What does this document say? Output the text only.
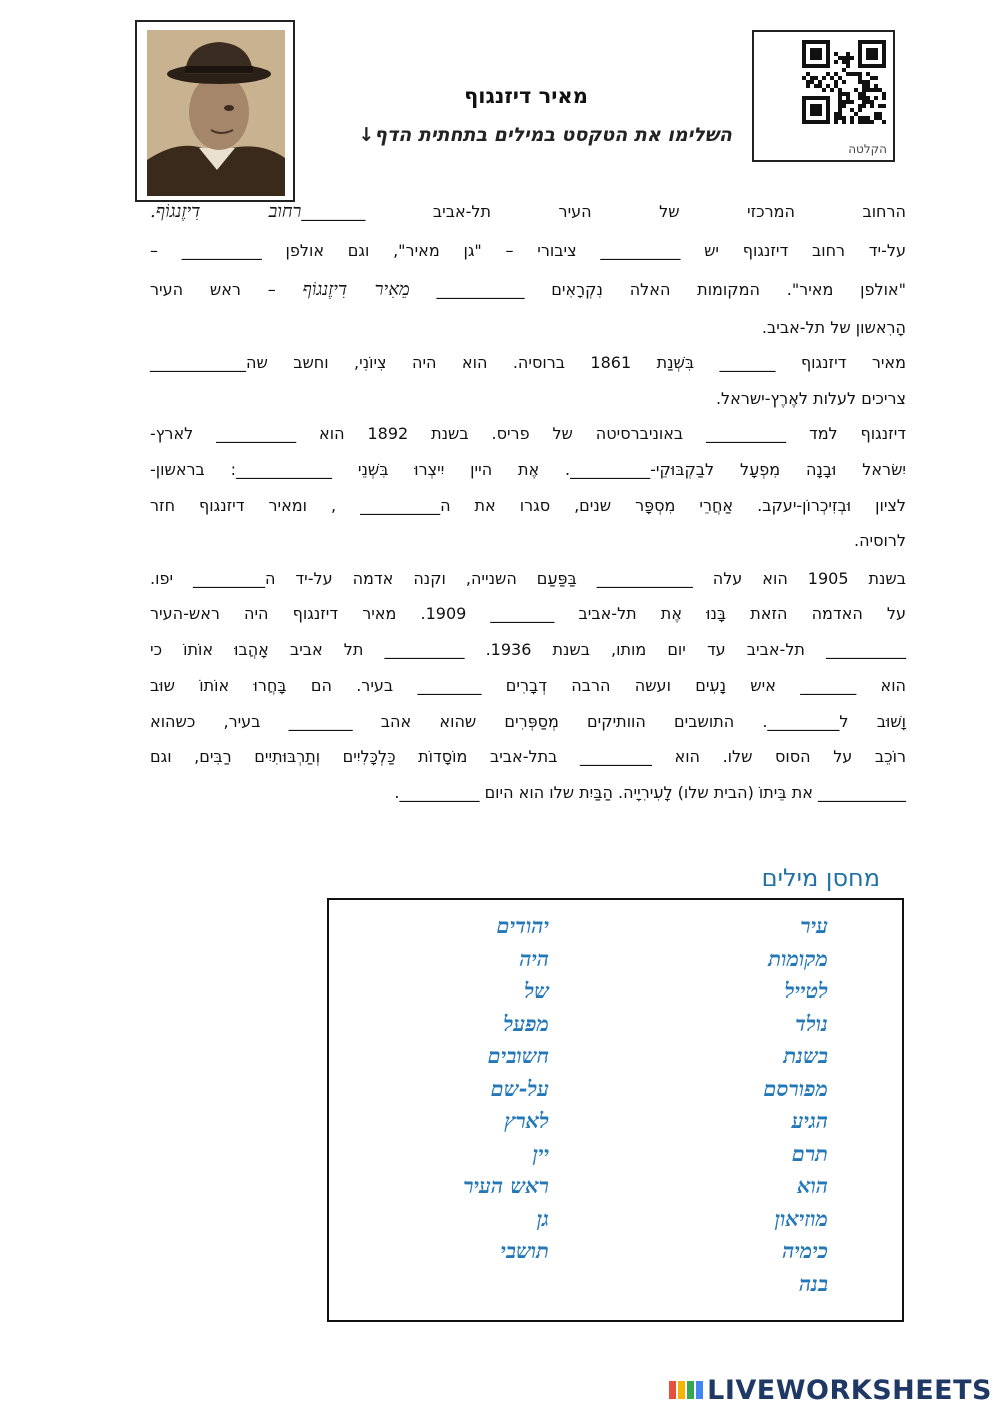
הקלטה
מאיר דיזנגוף
השלימו את הטקסט במילים בתחתית הדף↓
הרחוב המרכזי של העיר תל-אביב ________רחוב דִיזֶנגוֹף.
על-יד רחוב דיזנגוף יש __________ ציבורי – "גן מאיר", וגם אולפן __________ –
"אולפן מאיר". המקומות האלה נִקְרָאִים ___________ מֵאִיר דִיזֶנגוֹף – ראש העיר
הָרִאשון של תל-אביב.
מאיר דיזנגוף _______ בִּשְׁנַת 1861 ברוסיה. הוא היה צִיוֹנִי, וחשב שה____________
צריכים לעלות לאֶרֶץ-ישראל.
דיזנגוף למד __________ באוניברסיטה של פריס. בשנת 1892 הוא __________ לארץ-
יִשׂראל וּבָנָה מִפְעָל לבַקְבּוּקֵי-__________. אֶת היין יִיצְרוּ בִּשְׁנֵי ____________: בראשון-
לציון וּבְזִיכְרוֹן-יעקב. אַחֲרֵי מִסְפָּר שנים, סגרו את ה__________ , ומאיר דיזנגוף חזר
לרוסיה.
בשנת 1905 הוא עלה ____________ בַּפַּעַם השנייה, וקנה אדמה על-יד ה_________ יפו.
על האדמה הזאת בָּנוּ אֶת תל-אביב ________ 1909. מאיר דיזנגוף היה ראש-העיר
__________ תל-אביב עד יום מותו, בשנת 1936. __________ תל אביב אָהֲבוּ אוֹתוֹ כי
הוא _______ איש נָעִים ועשה הרבה דְבָרִים ________ בעיר. הם בָּחֲרוּ אוֹתוֹ שוּב
וָשׁוּב ל_________. התושבים הוותיקים מְסַפְּרִים שהוא אהב ________ בעיר, כשהוא
רוֹכֵב על הסוס שלו. הוא _________ בתל-אביב מוֹסָדוֹת כַּלְכָּלִיִים וְתַרְבּוּתִיִים רַבִּים, וגם
___________ את בֵּיתוֹ (הבית שלו) לָעִירִיָיה. הַבַּיִת שלו הוא היום __________.
מחסן מילים
עיר
מקומות
לטייל
נולד
בשנת
מפורסם
הגיע
תרם
הוא
מוזיאון
כימיה
בנה
יהודים
היה
של
מפעל
חשובים
על-שם
לארץ
יין
ראש העיר
גן
תושבי
LIVEWORKSHEETS
